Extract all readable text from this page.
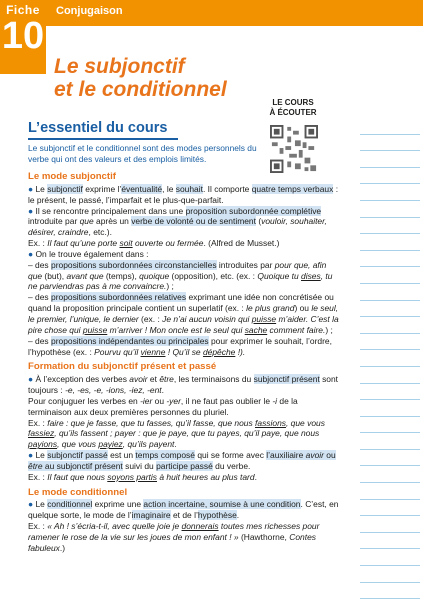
Fiche
10
Conjugaison
Le subjonctif
et le conditionnel
LE COURS
À ÉCOUTER
L’essentiel du cours
Le subjonctif et le conditionnel sont des modes personnels du verbe qui ont des valeurs et des emplois limités.
Le mode subjonctif

● Le subjonctif exprime l’éventualité, le souhait. Il comporte quatre temps verbaux : le présent, le passé, l’imparfait et le plus-que-parfait.

● Il se rencontre principalement dans une proposition subordonnée complétive introduite par que après un verbe de volonté ou de sentiment (vouloir, souhaiter, désirer, craindre, etc.).

Ex. : Il faut qu’une porte soit ouverte ou fermée. (Alfred de Musset.)

● On le trouve également dans :

– des propositions subordonnées circonstancielles introduites par pour que, afin que (but), avant que (temps), quoique (opposition), etc. (ex. : Quoique tu dises, tu ne parviendras pas à me convaincre.) ;

– des propositions subordonnées relatives exprimant une idée non concrétisée ou quand la proposition principale contient un superlatif (ex. : le plus grand) ou le seul, le premier, l’unique, le dernier (ex. : Je n’ai aucun voisin qui puisse m’aider. C’est la pire chose qui puisse m’arriver ! Mon oncle est le seul qui sache comment faire.) ;

– des propositions indépendantes ou principales pour exprimer le souhait, l’ordre, l’hypothèse (ex. : Pourvu qu’il vienne ! Qu’il se dépêche !).

Formation du subjonctif présent et passé

● À l’exception des verbes avoir et être, les terminaisons du subjonctif présent sont toujours : -e, -es, -e, -ions, -iez, -ent.

Pour conjuguer les verbes en -ier ou -yer, il ne faut pas oublier le -i de la terminaison aux deux premières personnes du pluriel.

Ex. : faire : que je fasse, que tu fasses, qu’il fasse, que nous fassions, que vous fassiez, qu’ils fassent ; payer : que je paye, que tu payes, qu’il paye, que nous payions, que vous payiez, qu’ils payent.

● Le subjonctif passé est un temps composé qui se forme avec l’auxiliaire avoir ou être au subjonctif présent suivi du participe passé du verbe.

Ex. : Il faut que nous soyons partis à huit heures au plus tard.

Le mode conditionnel

● Le conditionnel exprime une action incertaine, soumise à une condition. C’est, en quelque sorte, le mode de l’imaginaire et de l’hypothèse.

Ex. : « Ah ! s’écria-t-il, avec quelle joie je donnerais toutes mes richesses pour ramener le rose de la vie sur les joues de mon enfant ! » (Hawthorne, Contes fabuleux.)
